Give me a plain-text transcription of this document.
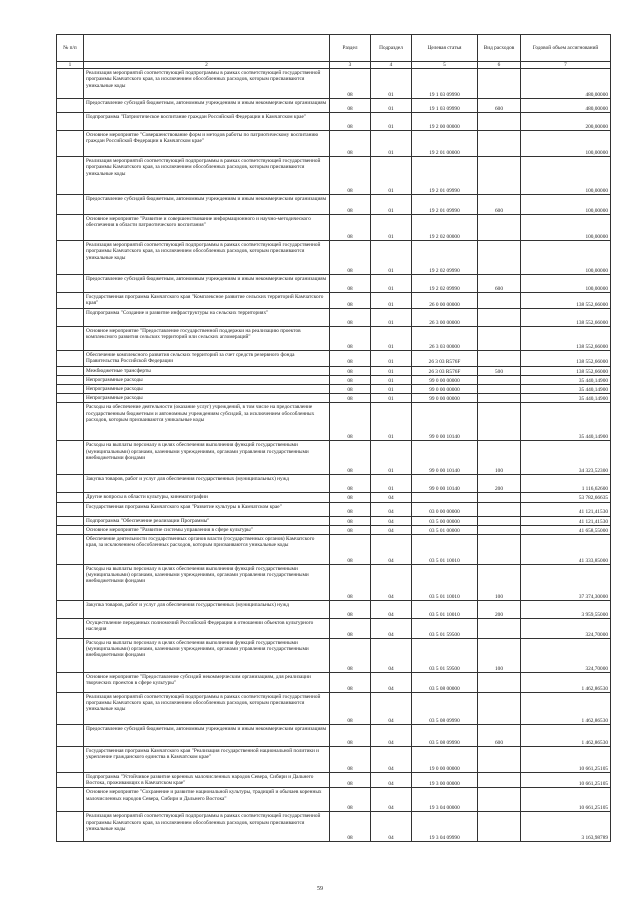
№ п/п		Раздел	Подраздел	Целевая статья	Вид расходов	Годовой объем ассигнований
1	2	3	4	5	6	7
	Реализация мероприятий соответствующей подпрограммы в рамках соответствующей государственной программы Камчатского края, за исключением обособленных расходов, которым присваиваются уникальные коды	08	01	19 1 03 09990		480,00000
	Предоставление субсидий бюджетным, автономным учреждениям и иным некоммерческим организациям	08	01	19 1 03 09990	600	480,00000
	Подпрограмма "Патриотическое воспитание граждан Российской Федерации в Камчатском крае"	08	01	19 2 00 00000		200,00000
	Основное мероприятие "Совершенствование форм и методов работы по патриотическому воспитанию граждан Российской Федерации в Камчатском крае"	08	01	19 2 01 00000		100,00000
	Реализация мероприятий соответствующей подпрограммы в рамках соответствующей государственной программы Камчатского края, за исключением обособленных расходов, которым присваиваются уникальные коды	08	01	19 2 01 09990		100,00000
	Предоставление субсидий бюджетным, автономным учреждениям и иным некоммерческим организациям	08	01	19 2 01 09990	600	100,00000
	Основное мероприятие "Развитие и совершенствование информационного и научно-методического обеспечения в области патриотического воспитания"	08	01	19 2 02 00000		100,00000
	Реализация мероприятий соответствующей подпрограммы в рамках соответствующей государственной программы Камчатского края, за исключением обособленных расходов, которым присваиваются уникальные коды	08	01	19 2 02 09990		100,00000
	Предоставление субсидий бюджетным, автономным учреждениям и иным некоммерческим организациям	08	01	19 2 02 09990	600	100,00000
	Государственная программа Камчатского края "Комплексное развитие сельских территорий Камчатского края"	08	01	26 0 00 00000		138 552,66000
	Подпрограмма "Создание и развитие инфраструктуры на сельских территориях"	08	01	26 3 00 00000		138 552,66000
	Основное мероприятие "Предоставление государственной поддержки на реализацию проектов комплексного развития сельских территорий или сельских агломераций"	08	01	26 3 03 00000		138 552,66000
	Обеспечение комплексного развития сельских территорий за счет средств резервного фонда Правительства Российской Федерации	08	01	26 3 03 R576F		138 552,66000
	Межбюджетные трансферты	08	01	26 3 03 R576F	500	138 552,66000
	Непрограммные расходы	08	01	99 0 00 00000		35 440,14900
	Непрограммные расходы	08	01	99 0 00 00000		35 440,14900
	Непрограммные расходы	08	01	99 0 00 00000		35 440,14900
	Расходы на обеспечение деятельности (оказание услуг) учреждений, в том числе на предоставление государственным бюджетным и автономным учреждениям субсидий, за исключением обособленных расходов, которым присваиваются уникальные коды	08	01	99 0 00 10140		35 440,14900
	Расходы на выплаты персоналу в целях обеспечения выполнения функций государственными (муниципальными) органами, казенными учреждениями, органами управления государственными внебюджетными фондами	08	01	99 0 00 10140	100	34 323,52300
	Закупка товаров, работ и услуг для обеспечения государственных (муниципальных) нужд	08	01	99 0 00 10140	200	1 116,62600
	Другие вопросы в области культуры, кинематографии	08	04			53 782,66635
	Государственная программа Камчатского края "Развитие культуры в Камчатском крае"	08	04	03 0 00 00000		41 121,41530
	Подпрограмма "Обеспечение реализации Программы"	08	04	03 5 00 00000		41 121,41530
	Основное мероприятие "Развитие системы управления в сфере культуры"	08	04	03 5 01 00000		41 658,55000
	Обеспечение деятельности государственных органов власти (государственных органов) Камчатского края, за исключением обособленных расходов, которым присваиваются уникальные коды	08	04	03 5 01 10010		41 333,85000
	Расходы на выплаты персоналу в целях обеспечения выполнения функций государственными (муниципальными) органами, казенными учреждениями, органами управления государственными внебюджетными фондами	08	04	03 5 01 10010	100	37 374,30000
	Закупка товаров, работ и услуг для обеспечения государственных (муниципальных) нужд	08	04	03 5 01 10010	200	3 959,55000
	Осуществление переданных полномочий Российской Федерации в отношении объектов культурного наследия	08	04	03 5 01 59500		324,70000
	Расходы на выплаты персоналу в целях обеспечения выполнения функций государственными (муниципальными) органами, казенными учреждениями, органами управления государственными внебюджетными фондами	08	04	03 5 01 59500	100	324,70000
	Основное мероприятие "Предоставление субсидий некоммерческим организациям, для реализации творческих проектов в сфере культуры"	08	04	03 5 08 00000		1 462,86530
	Реализация мероприятий соответствующей подпрограммы в рамках соответствующей государственной программы Камчатского края, за исключением обособленных расходов, которым присваиваются уникальные коды	08	04	03 5 08 09990		1 462,86530
	Предоставление субсидий бюджетным, автономным учреждениям и иным некоммерческим организациям	08	04	03 5 08 09990	600	1 462,86530
	Государственная программа Камчатского края "Реализация государственной национальной политики и укрепление гражданского единства в Камчатском крае"	08	04	19 0 00 00000		10 661,25105
	Подпрограмма "Устойчивое развитие коренных малочисленных народов Севера, Сибири и Дальнего Востока, проживающих в Камчатском крае"	08	04	19 3 00 00000		10 661,25105
	Основное мероприятие "Сохранение и развитие национальной культуры, традиций и обычаев коренных малочисленных народов Севера, Сибири и Дальнего Востока"	08	04	19 3 04 00000		10 661,25105
	Реализация мероприятий соответствующей подпрограммы в рамках соответствующей государственной программы Камчатского края, за исключением обособленных расходов, которым присваиваются уникальные коды	08	04	19 3 04 09990		3 163,98789
59
